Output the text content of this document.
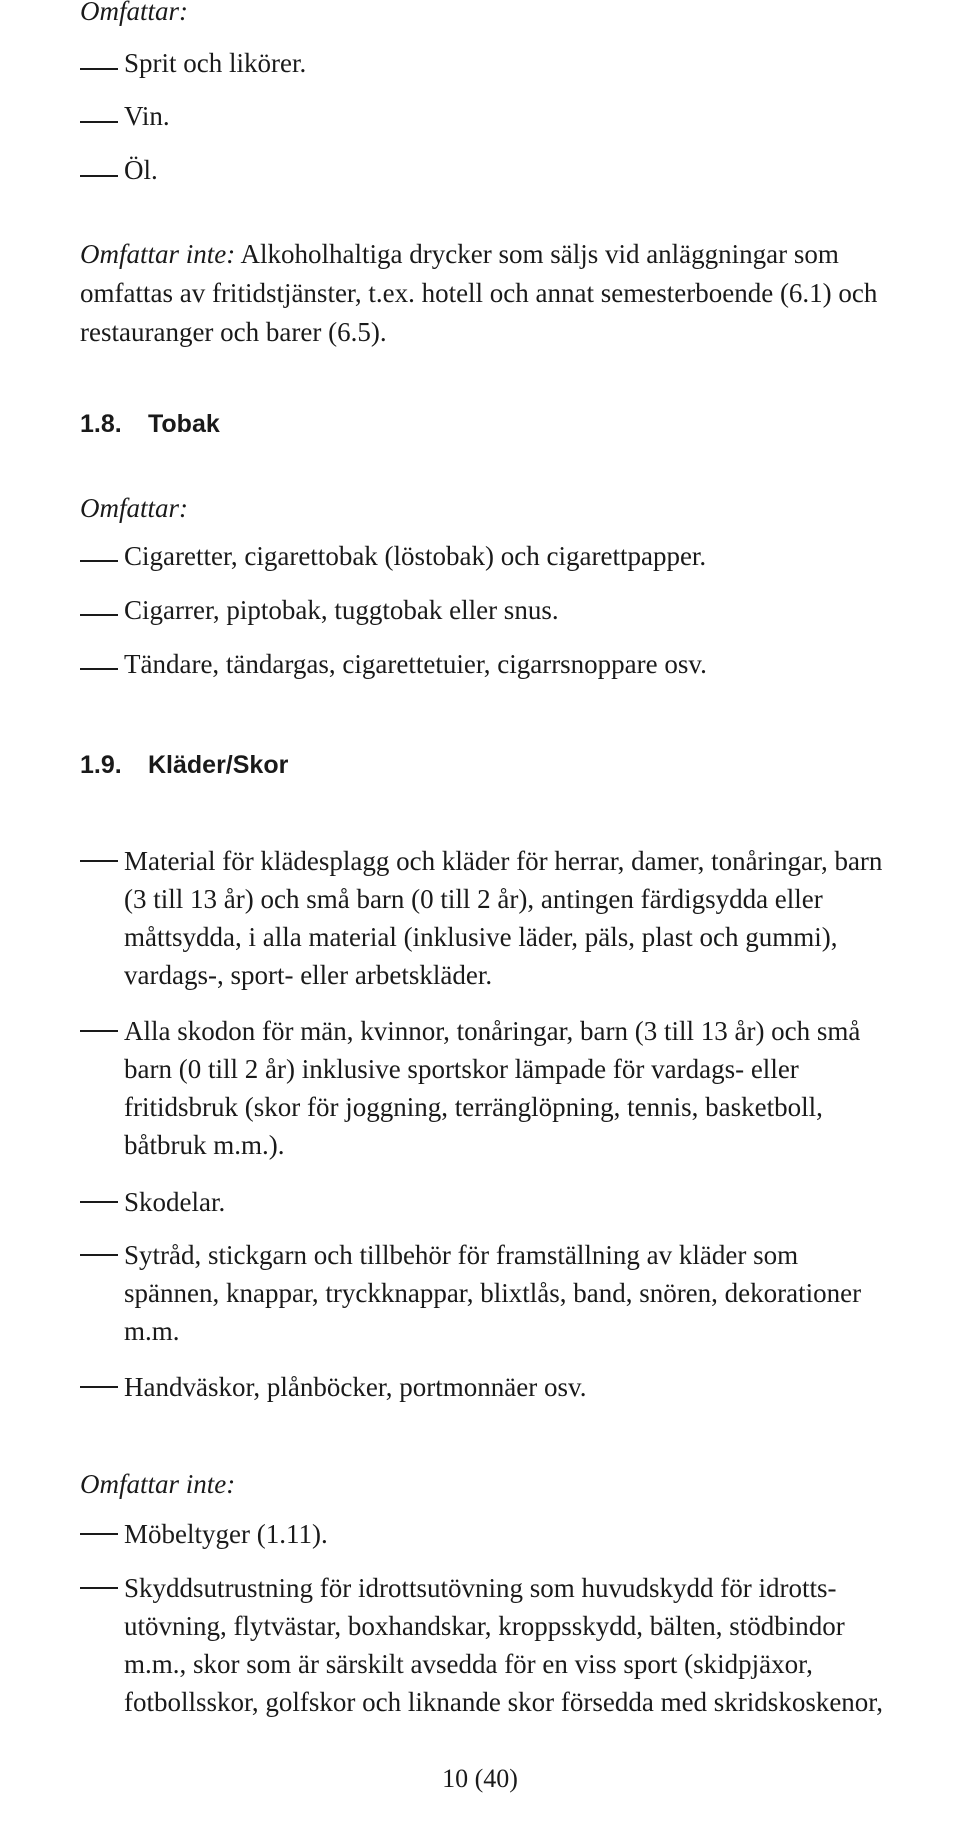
Omfattar:
Sprit och likörer.
Vin.
Öl.
Omfattar inte: Alkoholhaltiga drycker som säljs vid anläggningar som
omfattas av fritidstjänster, t.ex. hotell och annat semesterboende (6.1) och
restauranger och barer (6.5).
1.8. Tobak
Omfattar:
Cigaretter, cigarettobak (löstobak) och cigarettpapper.
Cigarrer, piptobak, tuggtobak eller snus.
Tändare, tändargas, cigarettetuier, cigarrsnoppare osv.
1.9. Kläder/Skor
Material för klädesplagg och kläder för herrar, damer, tonåringar, barn
(3 till 13 år) och små barn (0 till 2 år), antingen färdigsydda eller
måttsydda, i alla material (inklusive läder, päls, plast och gummi),
vardags-, sport- eller arbetskläder.
Alla skodon för män, kvinnor, tonåringar, barn (3 till 13 år) och små
barn (0 till 2 år) inklusive sportskor lämpade för vardags- eller
fritidsbruk (skor för joggning, terränglöpning, tennis, basketboll,
båtbruk m.m.).
Skodelar.
Sytråd, stickgarn och tillbehör för framställning av kläder som
spännen, knappar, tryckknappar, blixtlås, band, snören, dekorationer
m.m.
Handväskor, plånböcker, portmonnäer osv.
Omfattar inte:
Möbeltyger (1.11).
Skyddsutrustning för idrottsutövning som huvudskydd för idrotts-
utövning, flytvästar, boxhandskar, kroppsskydd, bälten, stödbindor
m.m., skor som är särskilt avsedda för en viss sport (skidpjäxor,
fotbollsskor, golfskor och liknande skor försedda med skridskoskenor,
10 (40)
